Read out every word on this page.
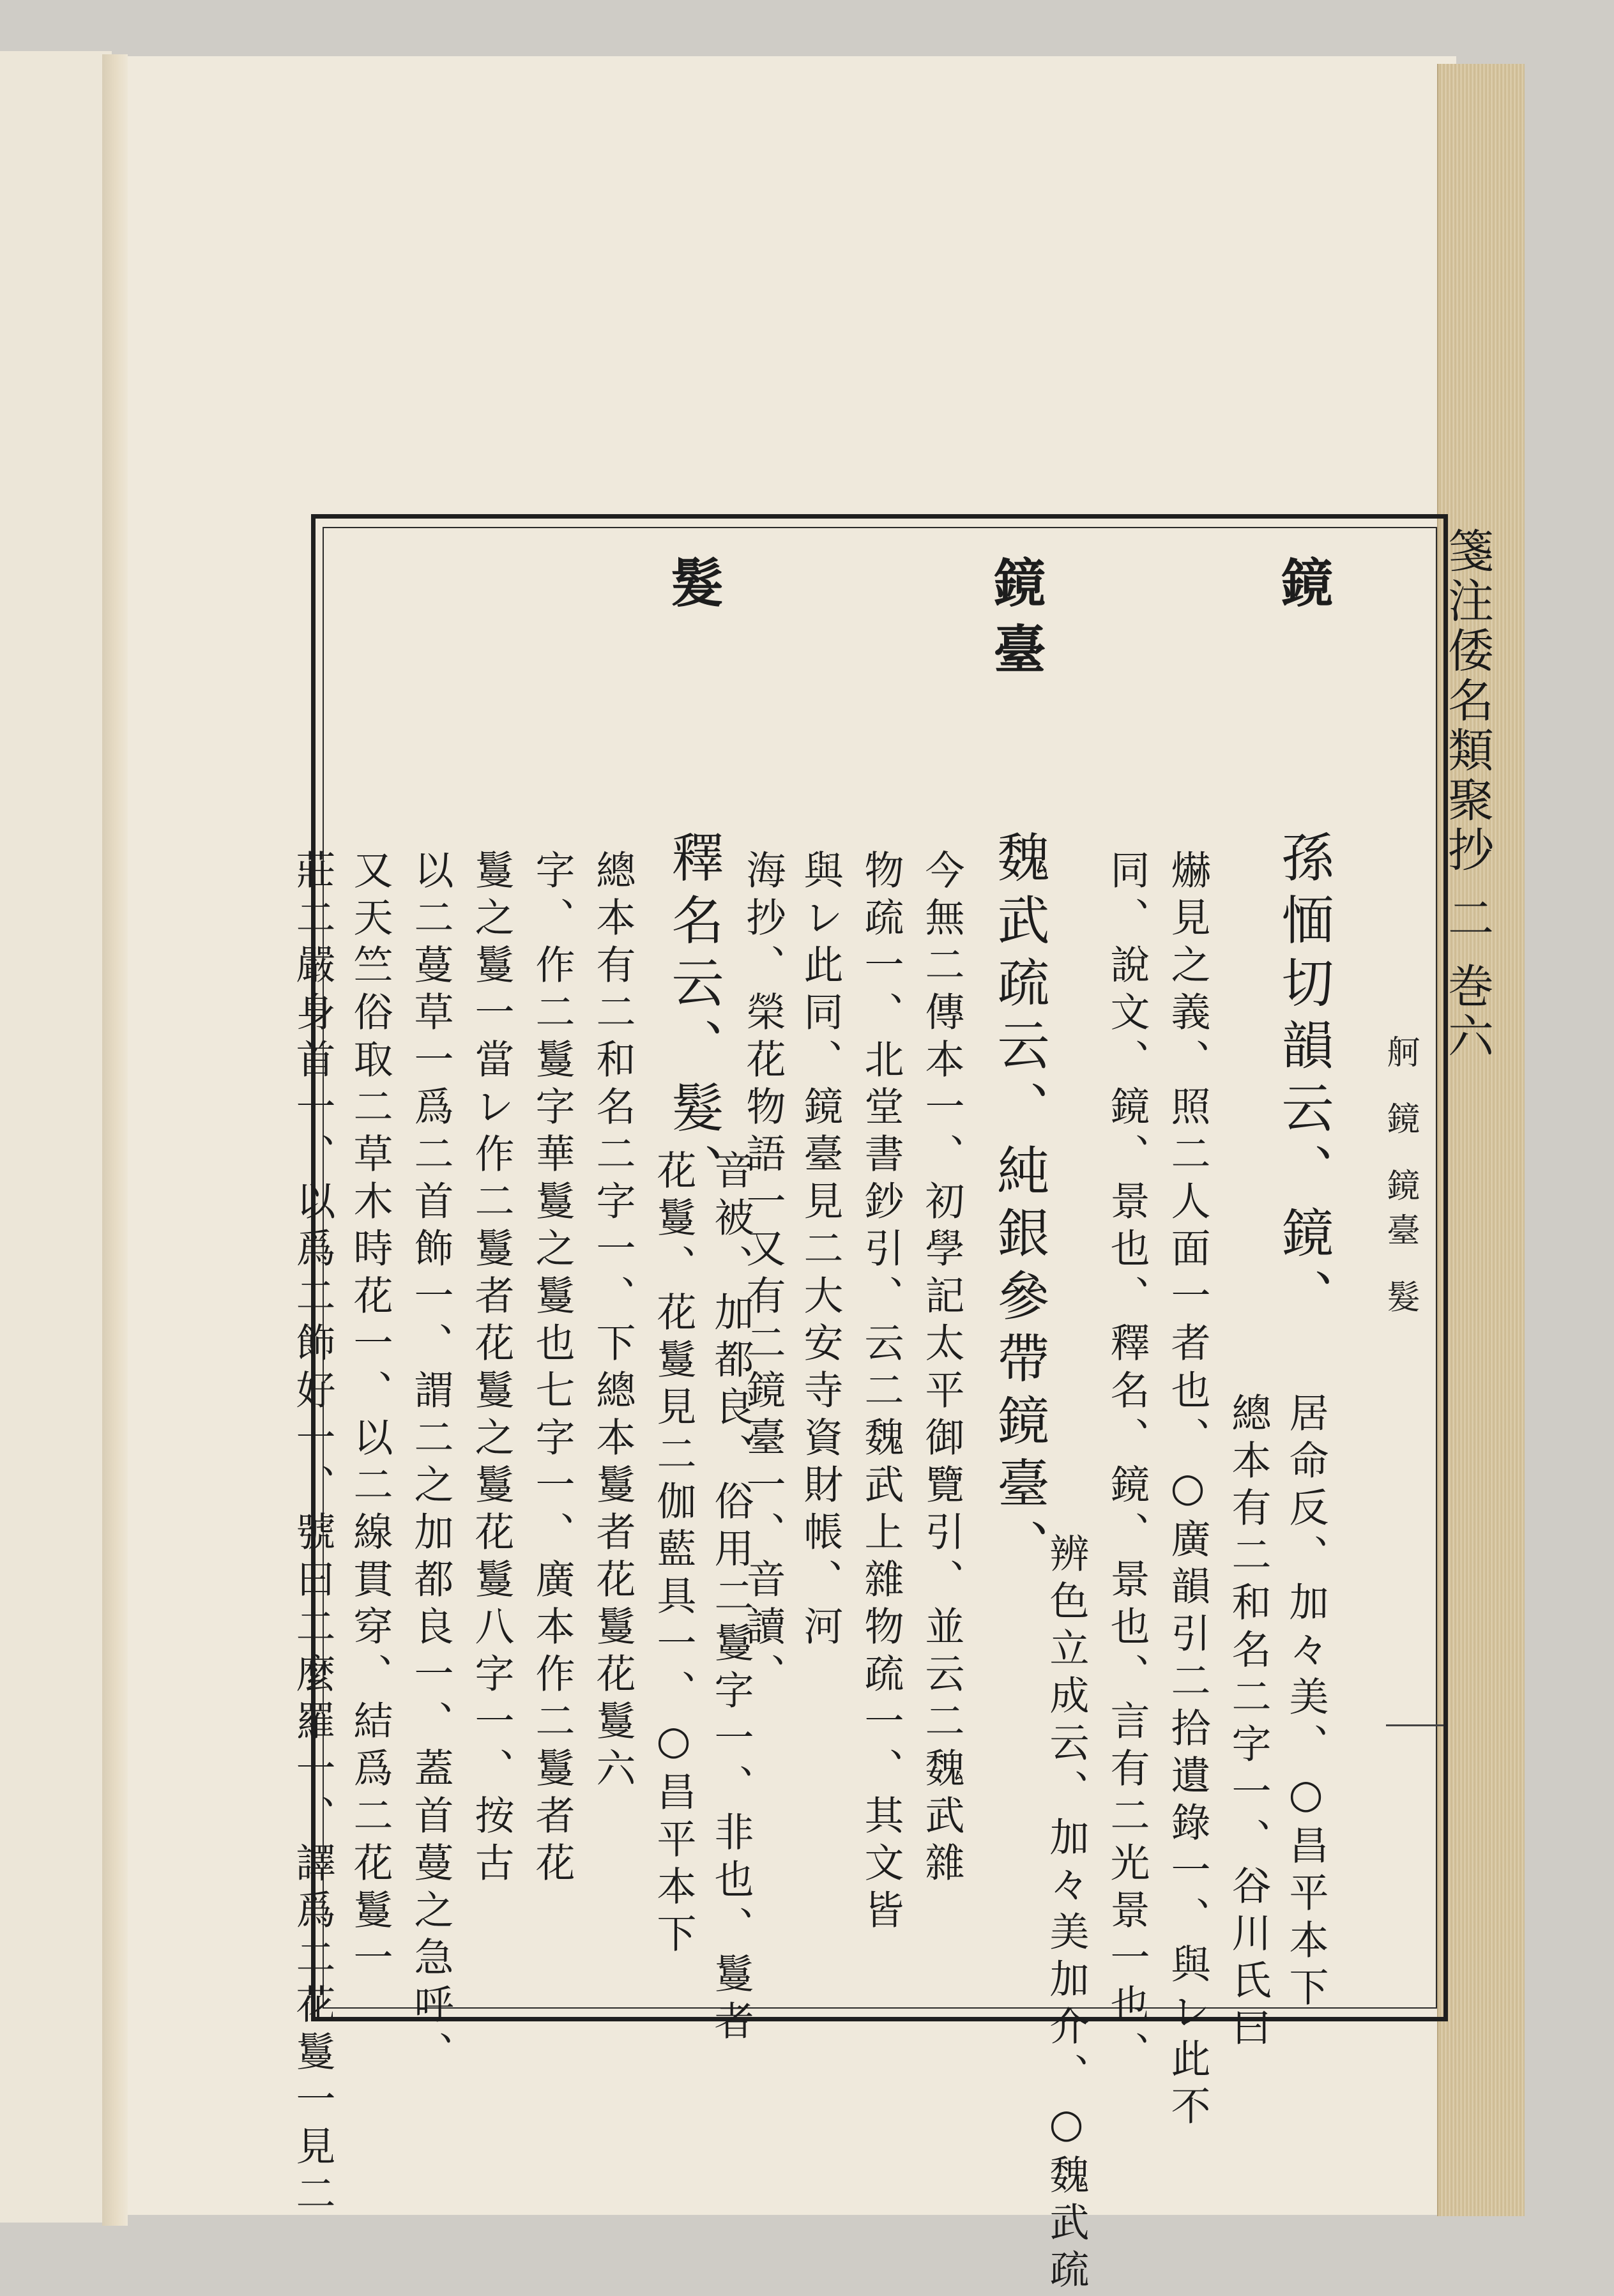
箋注倭名類聚抄 二 巻六
舸 鏡 鏡臺 髮
鏡
鏡臺
髮
孫愐切韻云、鏡、
居命反、加々美、○昌平本下
總本有二和名二字一、谷川氏曰
爀見之義、照二人面一者也、○廣韻引二拾遺錄一、與レ此不
同、說文、鏡、景也、釋名、鏡、景也、言有二光景一也、
魏武疏云、純銀參帶鏡臺、
辨色立成云、加々美加介、○魏武疏
今無二傳本一、初學記太平御覽引、並云二魏武雜
物疏一、北堂書鈔引、云二魏武上雜物疏一、其文皆
與レ此同、鏡臺見二大安寺資財帳、河
海抄、榮花物語一又有二鏡臺一、音讀、
釋名云、髮、
音被、加都良、俗用二鬘字一、非也、鬘者
花鬘、花鬘見二伽藍具一、○昌平本下
總本有二和名二字一、下總本鬘者花鬘花鬘六
字、作二鬘字華鬘之鬘也七字一、廣本作二鬘者花
鬘之鬘一當レ作二鬘者花鬘之鬘花鬘八字一、按古
以二蔓草一爲二首飾一、謂二之加都良一、蓋首蔓之急呼、
又天竺俗取二草木時花一、以二線貫穿、結爲二花鬘一
莊二嚴身首一、以爲二飾好一、號曰二麼羅一、譯爲二花鬘一見二
